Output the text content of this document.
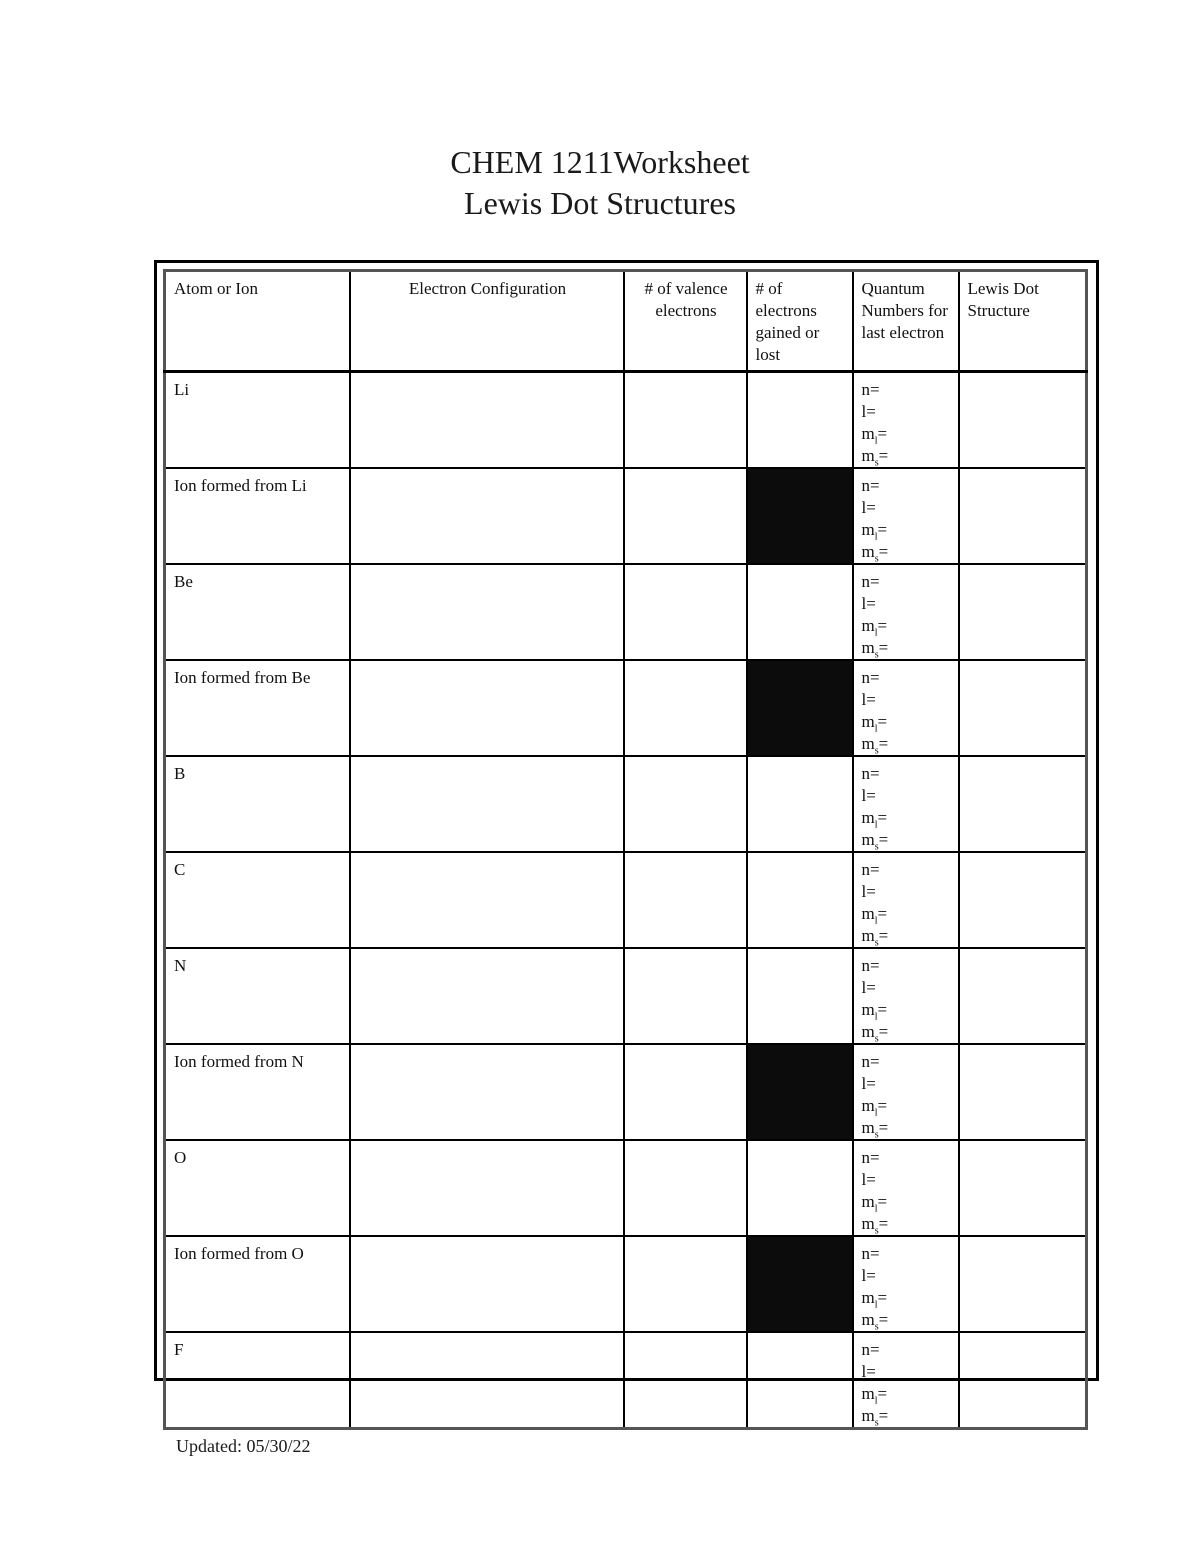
CHEM 1211Worksheet
Lewis Dot Structures
Atom or Ion	Electron Configuration	# of valence electrons	# of electrons gained or lost	Quantum Numbers for last electron	Lewis Dot Structure
Li				n=
l=
$m_l=$
$m_s=$	

Ion formed from Li				n=
l=
$m_l=$
$m_s=$	

Be				n=
l=
$m_l=$
$m_s=$	

Ion formed from Be				n=
l=
$m_l=$
$m_s=$	

B				n=
l=
$m_l=$
$m_s=$	

C				n=
l=
$m_l=$
$m_s=$	

N				n=
l=
$m_l=$
$m_s=$	

Ion formed from N				n=
l=
$m_l=$
$m_s=$	

O				n=
l=
$m_l=$
$m_s=$	

Ion formed from O				n=
l=
$m_l=$
$m_s=$	

F				n=
l=
$m_l=$
$m_s=$	

Updated: 05/30/22
